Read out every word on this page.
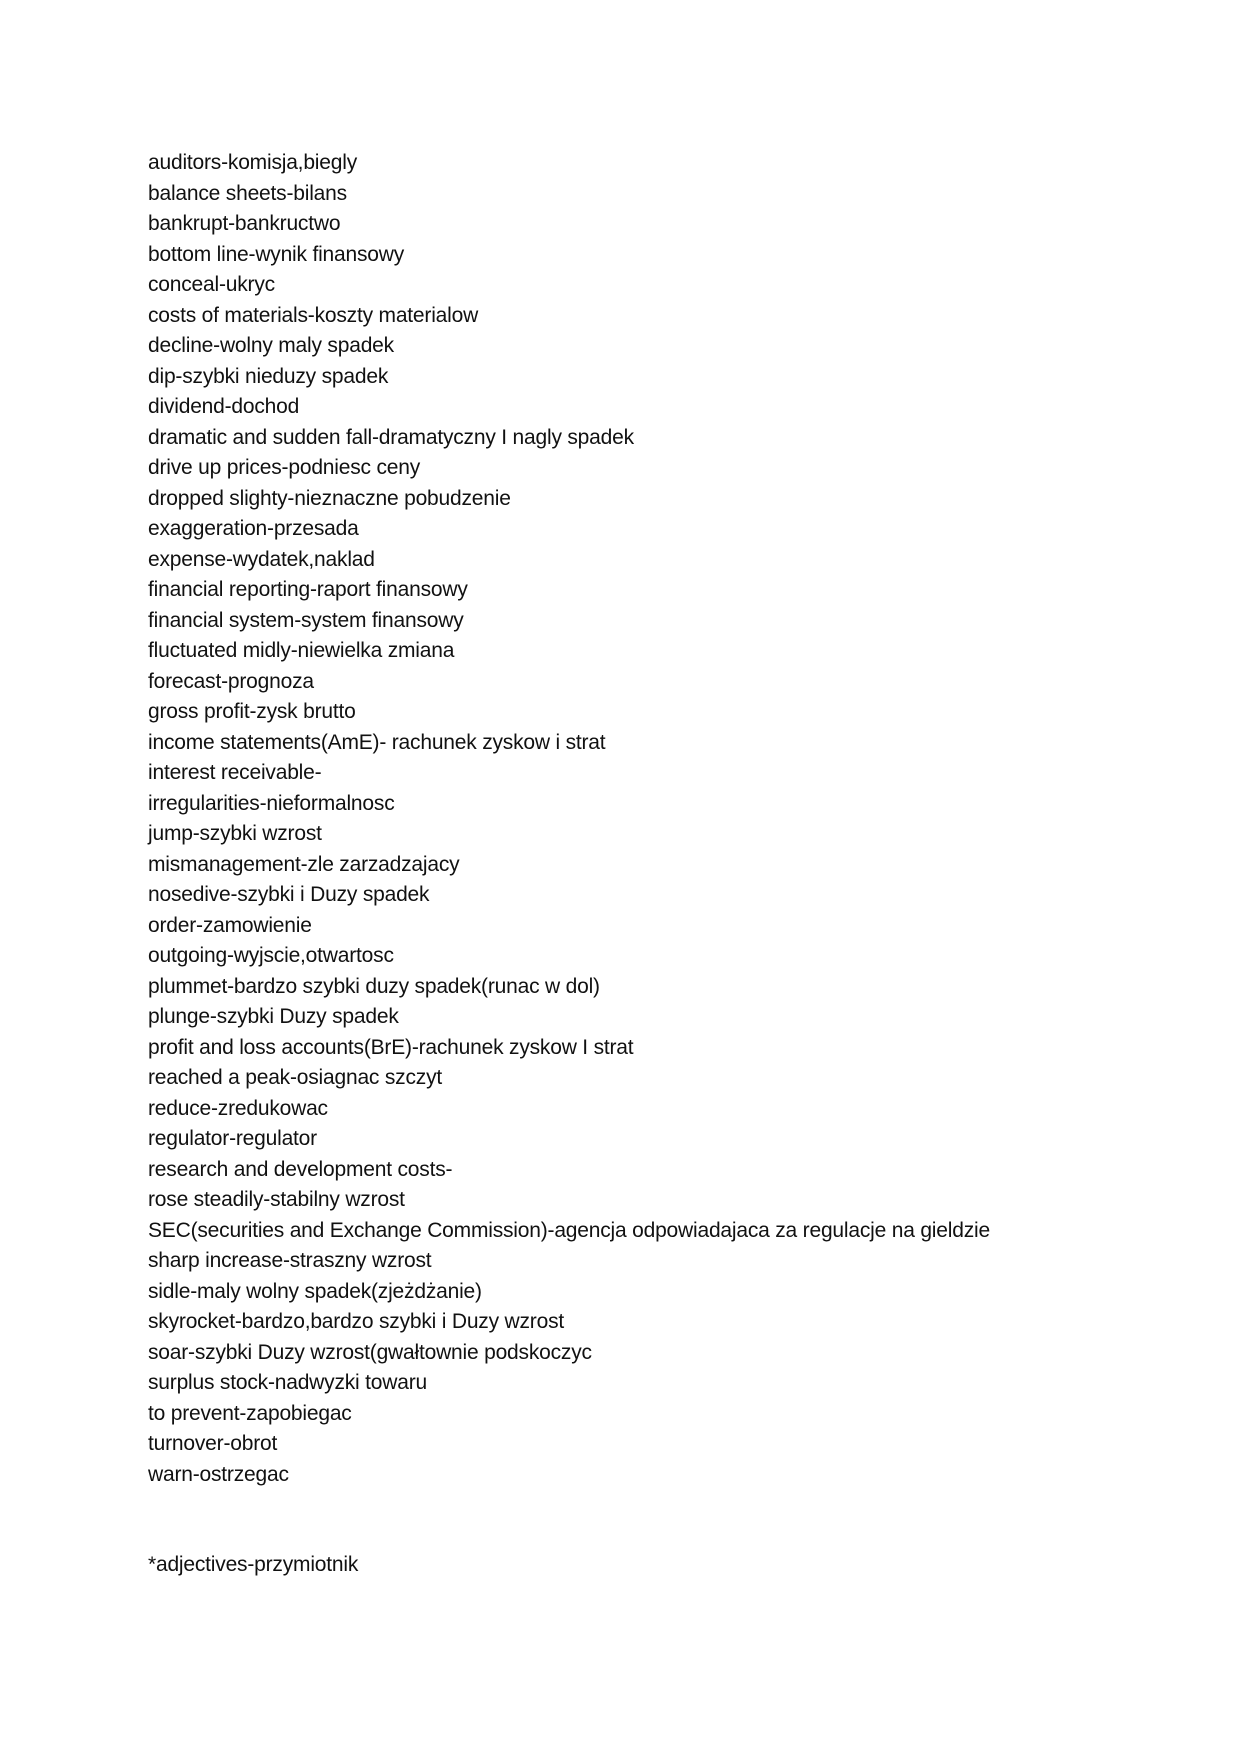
auditors-komisja,biegly
balance sheets-bilans
bankrupt-bankructwo
bottom line-wynik finansowy
conceal-ukryc
costs of materials-koszty materialow
decline-wolny maly spadek
dip-szybki nieduzy spadek
dividend-dochod
dramatic and sudden fall-dramatyczny I nagly spadek
drive up prices-podniesc ceny
dropped slighty-nieznaczne pobudzenie
exaggeration-przesada
expense-wydatek,naklad
financial reporting-raport finansowy
financial system-system finansowy
fluctuated midly-niewielka zmiana
forecast-prognoza
gross profit-zysk brutto
income statements(AmE)- rachunek zyskow i strat
interest receivable-
irregularities-nieformalnosc
jump-szybki wzrost
mismanagement-zle zarzadzajacy
nosedive-szybki i Duzy spadek
order-zamowienie
outgoing-wyjscie,otwartosc
plummet-bardzo szybki duzy spadek(runac w dol)
plunge-szybki Duzy spadek
profit and loss accounts(BrE)-rachunek zyskow I strat
reached a peak-osiagnac szczyt
reduce-zredukowac
regulator-regulator
research and development costs-
rose steadily-stabilny wzrost
SEC(securities and Exchange Commission)-agencja odpowiadajaca za regulacje na gieldzie
sharp increase-straszny wzrost
sidle-maly wolny spadek(zjeżdżanie)
skyrocket-bardzo,bardzo szybki i Duzy wzrost
soar-szybki Duzy wzrost(gwałtownie podskoczyc
surplus stock-nadwyzki towaru
to prevent-zapobiegac
turnover-obrot
warn-ostrzegac

*adjectives-przymiotnik
